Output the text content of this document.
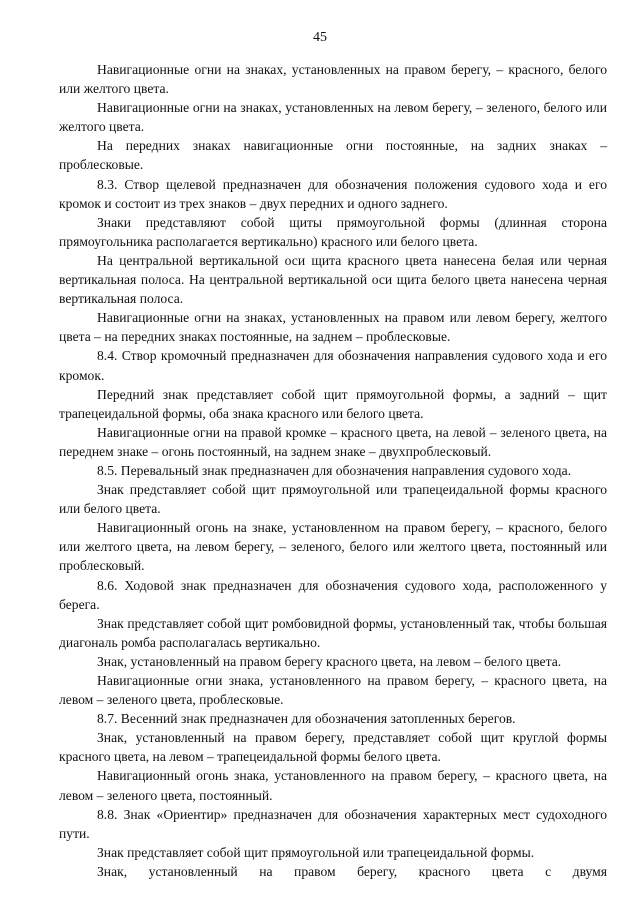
45

Навигационные огни на знаках, установленных на правом берегу, – красного, белого или желтого цвета.

Навигационные огни на знаках, установленных на левом берегу, – зеленого, белого или желтого цвета.

На передних знаках навигационные огни постоянные, на задних знаках – проблесковые.

8.3. Створ щелевой предназначен для обозначения положения судового хода и его кромок и состоит из трех знаков – двух передних и одного заднего.

Знаки представляют собой щиты прямоугольной формы (длинная сторона прямоугольника располагается вертикально) красного или белого цвета.

На центральной вертикальной оси щита красного цвета нанесена белая или черная вертикальная полоса. На центральной вертикальной оси щита белого цвета нанесена черная вертикальная полоса.

Навигационные огни на знаках, установленных на правом или левом берегу, желтого цвета – на передних знаках постоянные, на заднем – проблесковые.

8.4. Створ кромочный предназначен для обозначения направления судового хода и его кромок.

Передний знак представляет собой щит прямоугольной формы, а задний – щит трапецеидальной формы, оба знака красного или белого цвета.

Навигационные огни на правой кромке – красного цвета, на левой – зеленого цвета, на переднем знаке – огонь постоянный, на заднем знаке – двухпроблесковый.

8.5. Перевальный знак предназначен для обозначения направления судового хода.

Знак представляет собой щит прямоугольной или трапецеидальной формы красного или белого цвета.

Навигационный огонь на знаке, установленном на правом берегу, – красного, белого или желтого цвета, на левом берегу, – зеленого, белого или желтого цвета, постоянный или проблесковый.

8.6. Ходовой знак предназначен для обозначения судового хода, расположенного у берега.

Знак представляет собой щит ромбовидной формы, установленный так, чтобы большая диагональ ромба располагалась вертикально.

Знак, установленный на правом берегу красного цвета, на левом – белого цвета.

Навигационные огни знака, установленного на правом берегу, – красного цвета, на левом – зеленого цвета, проблесковые.

8.7. Весенний знак предназначен для обозначения затопленных берегов.

Знак, установленный на правом берегу, представляет собой щит круглой формы красного цвета, на левом – трапецеидальной формы белого цвета.

Навигационный огонь знака, установленного на правом берегу, – красного цвета, на левом – зеленого цвета, постоянный.

8.8. Знак «Ориентир» предназначен для обозначения характерных мест судоходного пути.

Знак представляет собой щит прямоугольной или трапецеидальной формы.

Знак, установленный на правом берегу, красного цвета с двумя
